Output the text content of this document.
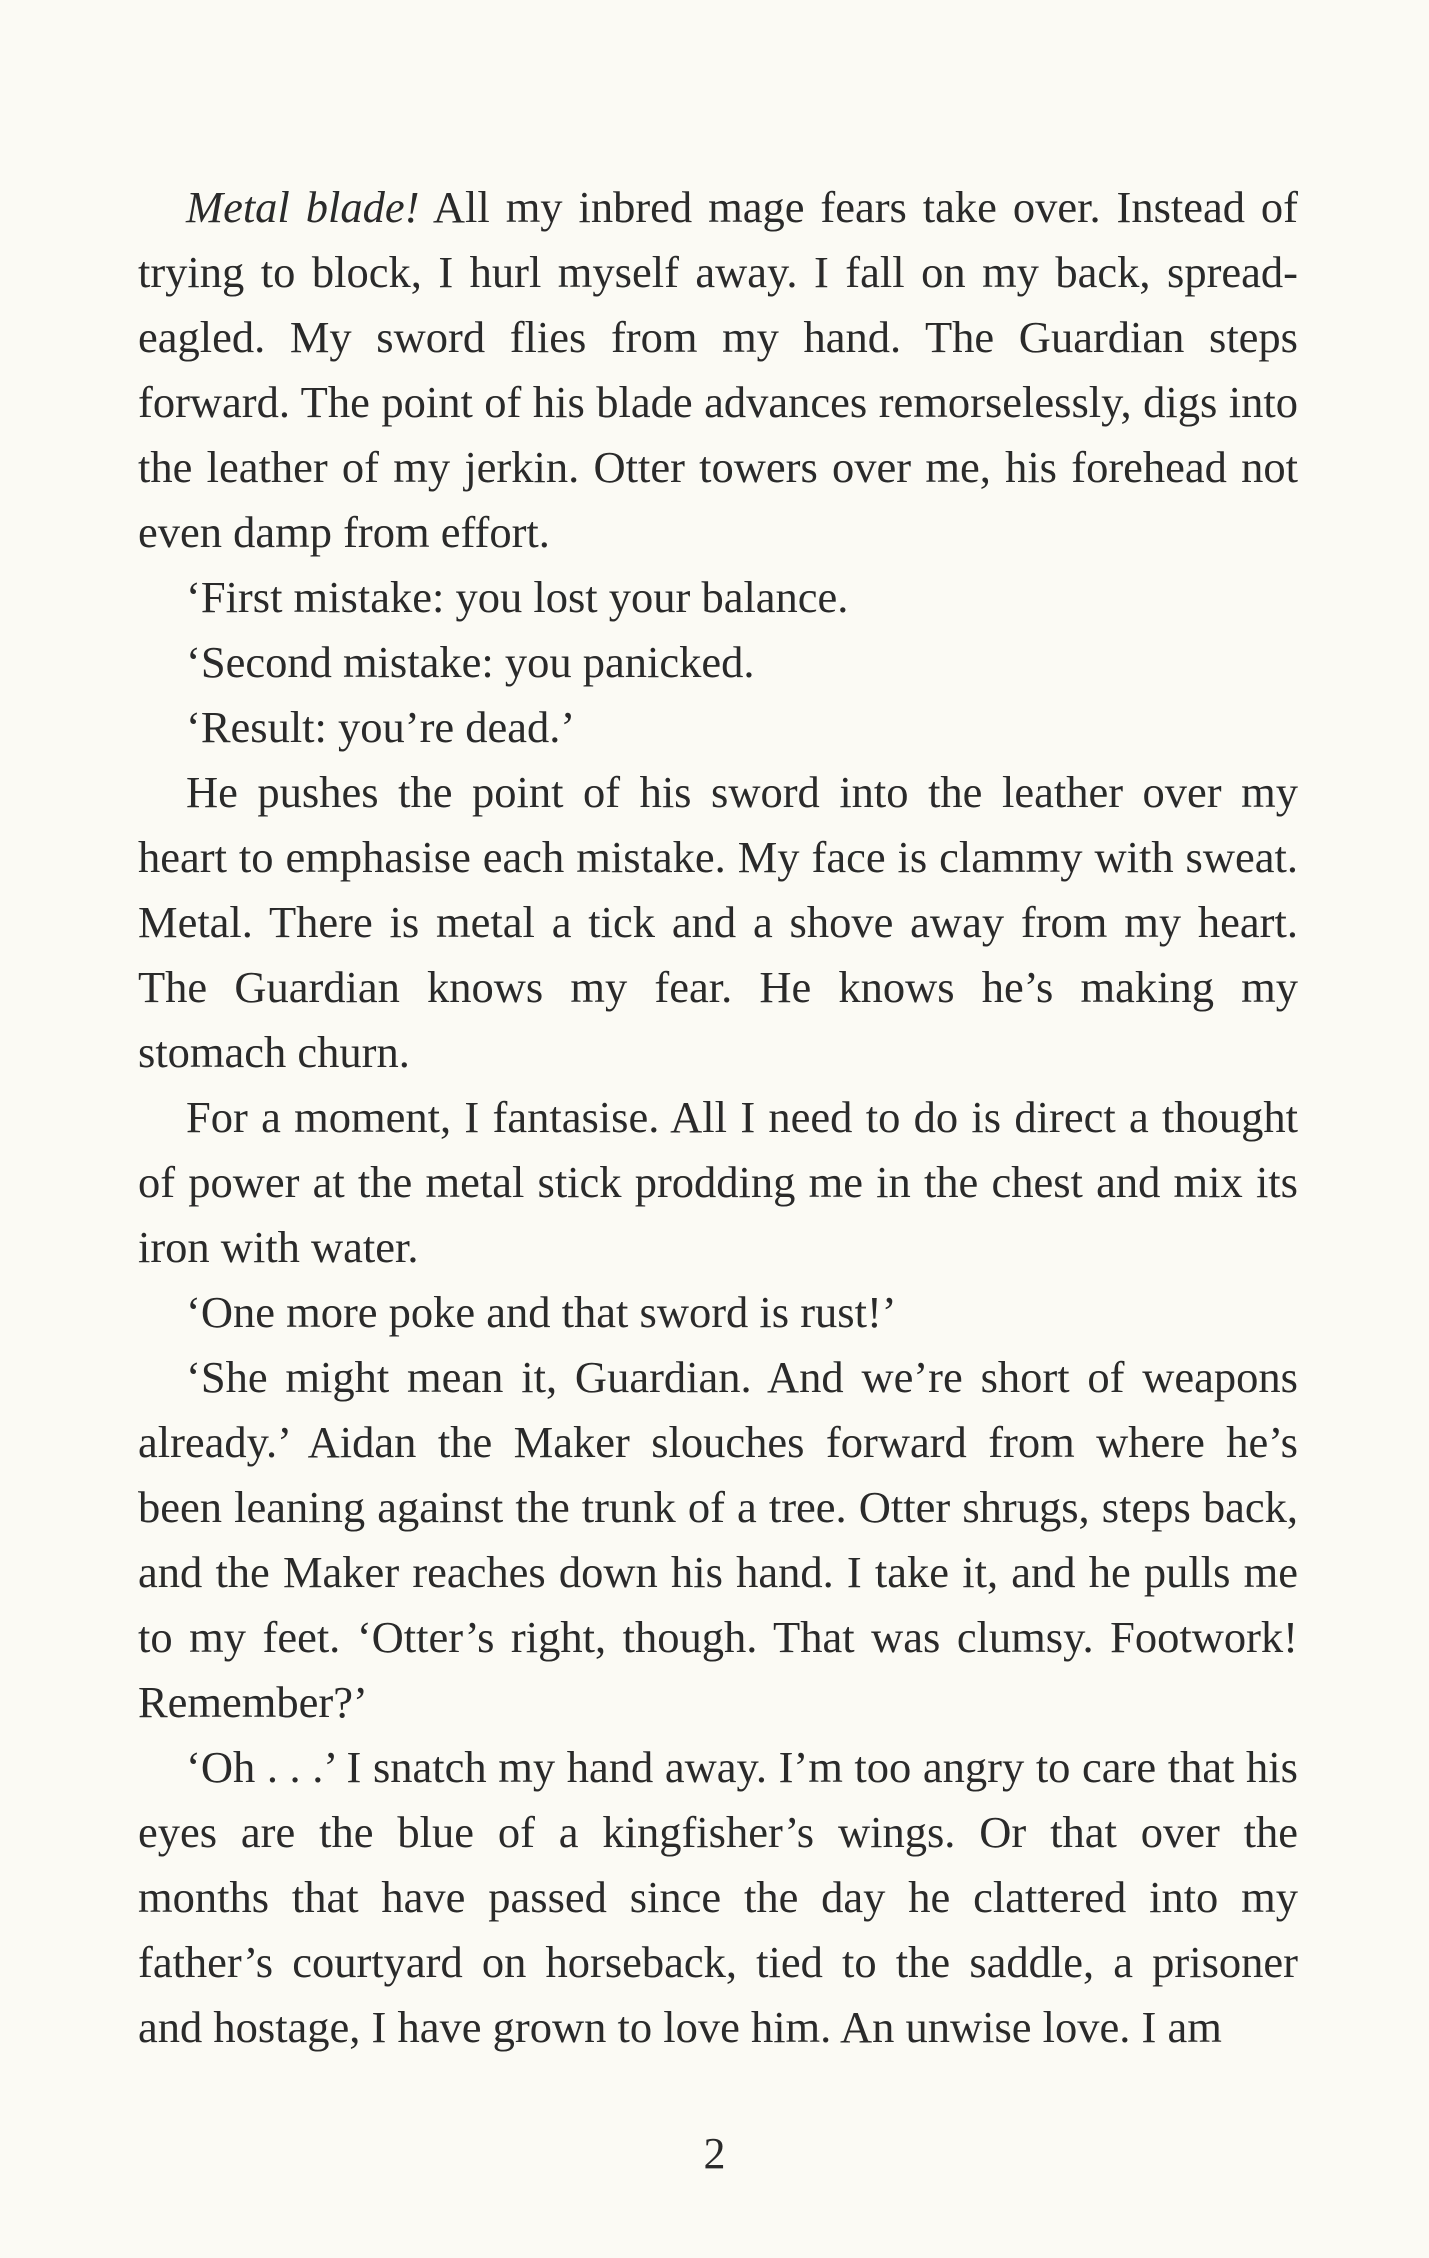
Metal blade! All my inbred mage fears take over. Instead of trying to block, I hurl myself away. I fall on my back, spread-eagled. My sword flies from my hand. The Guardian steps forward. The point of his blade advances remorselessly, digs into the leather of my jerkin. Otter towers over me, his forehead not even damp from effort.

‘First mistake: you lost your balance.

‘Second mistake: you panicked.

‘Result: you’re dead.’

He pushes the point of his sword into the leather over my heart to emphasise each mistake. My face is clammy with sweat. Metal. There is metal a tick and a shove away from my heart. The Guardian knows my fear. He knows he’s making my stomach churn.

For a moment, I fantasise. All I need to do is direct a thought of power at the metal stick prodding me in the chest and mix its iron with water.

‘One more poke and that sword is rust!’

‘She might mean it, Guardian. And we’re short of weapons already.’ Aidan the Maker slouches forward from where he’s been leaning against the trunk of a tree. Otter shrugs, steps back, and the Maker reaches down his hand. I take it, and he pulls me to my feet. ‘Otter’s right, though. That was clumsy. Footwork! Remember?’

‘Oh . . .’ I snatch my hand away. I’m too angry to care that his eyes are the blue of a kingfisher’s wings. Or that over the months that have passed since the day he clattered into my father’s courtyard on horseback, tied to the saddle, a prisoner and hostage, I have grown to love him. An unwise love. I am

2
